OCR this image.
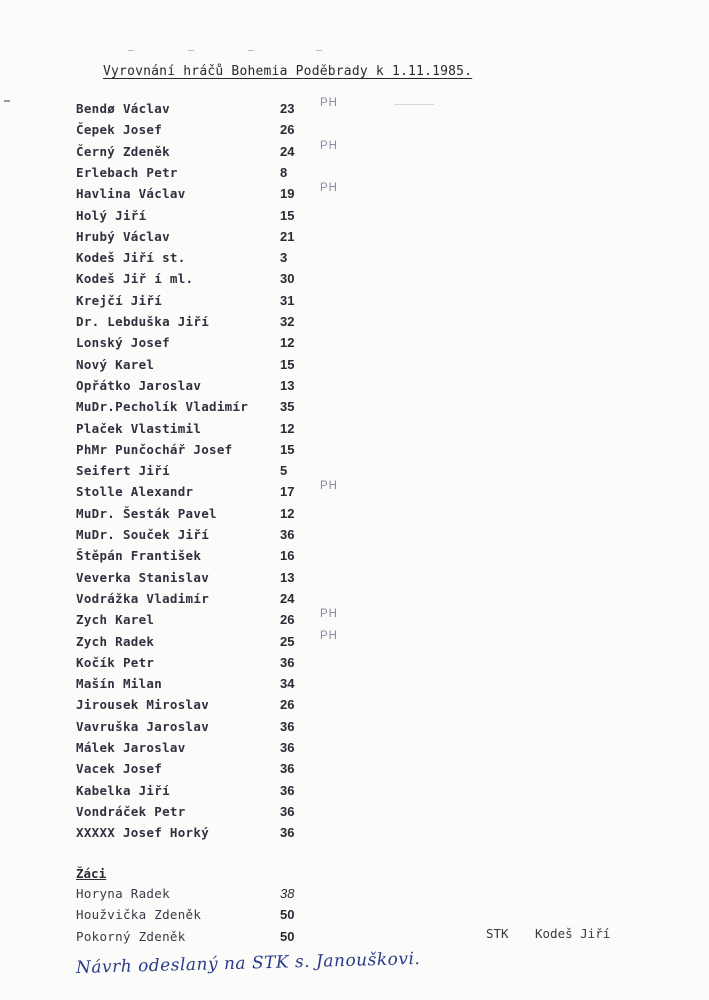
Vyrovnání hráčů Bohemia Poděbrady k 1.11.1985.
Bendø Václav	23 PH
Čepek Josef	26
Černý Zdeněk	24 PH
Erlebach Petr	8
Havlina Václav	19 PH
Holý Jiří	15
Hrubý Václav	21
Kodeš Jiří st.	3
Kodeš Jiř í ml.	30
Krejčí Jiří	31
Dr. Lebduška Jiří	32
Lonský Josef	12
Nový Karel	15
Opřátko Jaroslav	13
MuDr.Pecholík Vladimír 35
Plaček Vlastimil	12
PhMr Punčochář Josef	15
Seifert Jiří	5
Stolle Alexandr	17 PH
MuDr. Šesták Pavel	12
MuDr. Souček Jiří	36
Štěpán František	16
Veverka Stanislav	13
Vodrážka Vladimír	24
Zych Karel	26 PH
Zych Radek	25 PH
Kočík Petr	36
Mašín Milan	34
Jirousek Miroslav	26
Vavruška Jaroslav	36
Málek Jaroslav	36
Vacek Josef	36
Kabelka Jiří	36
Vondráček Petr	36
XXXXX Josef Horký	36
Žáci
Horyna Radek	38
Houžvička Zdeněk	50
Pokorný Zdeněk	50	STK Kodeš Jiří
Návrh odeslaný na STK s. Janouškovi.
